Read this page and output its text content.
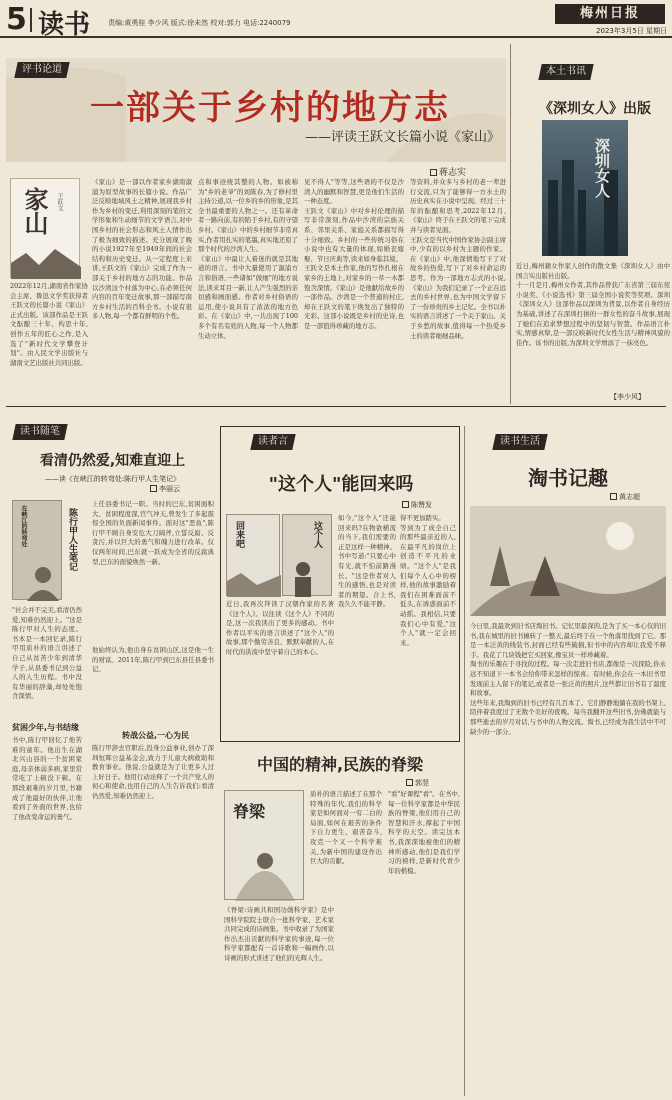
5 读书	责编:黄勇桂 李少风 版式:徐未然 校对:郭力 电话:2240079
梅州日报
2023年3月5日 星期日
评书论道
一部关于乡村的地方志
——评读王跃文长篇小说《家山》
蒋志实
家山	王跃文
2022年12月,湖南省作家协会主席、鲁迅文学奖获得者王跃文的长篇小说《家山》正式出版。该部作品是王跃文酝酿三十年、构思十年,创作五年的匠心之作,是入选了"新时代文学攀登计划"。由人民文学出版社与湖南文艺出版社共同出版。
《家山》是一部以作者家乡湖南溆浦为原型故事的长篇小说。作品广泛反映地域风土之精神,展现我乡村作为乡村的变迁,利用深刻的笔的文学形象和生动细节的文学语言,对中国乡村的社会形态和风土人情作出了极为细致的描述。充分展现了晚的小说1927年至1949年间的社会结构和历史变迁。从一定程度上来讲,王跃文的《家山》完成了作为一部关于乡村的地方志的功能。作品以沙湾这个村落为中心,在必须任何内容的百年变迁故事,那一部描写南方乡村生活的百科全书。小说有很多人物,每一个都有鲜明的个性。
点和事迹统其整的人物。如被称为"乡的老爷"的刘陈春,为了修村里主持公道,以一位乡的乡的形象,是其全书最重要的人物之一。还有革命者一路向前,有的陷于乡村,有的守望乡村。《家山》中的乡村细节非常真实,作者用扎实的笔墨,真实地还原了那个时代的沙湾人生。
《家山》中最让人着迷的就是其地道的语言。书中大量使用了溆浦方言和俗语,一些诸如"做细"的地方说法,读来耳目一新,让人产生强烈的亲切感和画面感。作者对乡村俗语的运用,使小说具有了浓浓的地方色彩。在《家山》中,一共出现了100多个有名有姓的人物,每一个人物都生动立体。
见不得人"等等,这些语的不仅是沙湾人的幽默和智慧,更是他们生活的一种态度。
王跃文《家山》中对乡村伦理的描写非常深刻,作品中沙湾的宗族关系、邻里关系、家庭关系都描写得十分细致。乡村的一些传统习俗在小说中也有大量的体现,如婚丧嫁娶、节日庆典等,读来如身临其境。
王跃文是本土作家,他的写作扎根在家乡的土地上,对家乡的一草一木都饱含深情。《家山》是他献给故乡的一部作品。沙湾是一个普通的村庄,却在王跃文的笔下焕发出了独特的光彩。这部小说既是乡村的史诗,也是一部值得珍藏的地方志。
等资料,并众多与乡村的老一辈进行交流,只为了能够得一方水土的历史真实在小说中呈现。经过三十年的酝酿和思考,2022年12月,《家山》终于在王跃文的笔下完成并与读者见面。
王跃文是当代中国作家协会副主席中,少有的以乡村为主题的作家。在《家山》中,他深情地写下了对故乡的热爱,写下了对乡村命运的思考。作为一部地方志式的小说,《家山》为我们记录了一个正在远去的乡村世界,也为中国文学留下了一份珍贵的乡土记忆。全书以朴实的语言讲述了一个关于家山、关于乡愁的故事,值得每一个热爱乡土的读者细细品味。
本土书讯
《深圳女人》出版
深圳女人
近日,梅州籍女作家人创作的散文集《深圳女人》由中国言实出版社出版。
十一月是月,梅州女作者,其作品曾获广东省第三届东莞小说奖、《小说选刊》第三届全国小说奖等奖项。深圳《深圳女人》这部作品以深圳为背景,以作者自身经历为基础,讲述了在深圳打拼的一群女性的奋斗故事,展现了她们在追求梦想过程中的坚韧与智慧。作品语言朴实,情感真挚,是一部反映新时代女性生活与精神风貌的佳作。该书的出版,为深圳文学增添了一抹亮色。
【李少风】
读书随笔
看清仍然爱,知难直迎上
——读《在峡江的转弯处:陈行甲人生笔记》
李丽云
在峡江的转弯处	陈行甲人生笔记
上任县委书记一职。当时的巴东,贫困面积大、贫困程度深,官气冲天,曾发生了多起震惊全国的负面新闻事件。面对这"恶鱼",陈行甲不顾自身安危大刀阔斧,立誓反腐、反贪污,并以巨大的勇气和魄力进行改革。仅仅两年时间,巴东就一跃成为全省的反腐典型,巴东的面貌焕然一新。
"社会并不完美,看清仍然爱,知难仍然迎上。"这是陈行甲对人生的态度。书本是一本回忆录,陈行甲用质朴的语言讲述了自己从贫苦少年到清华学子,从县委书记到公益人的人生历程。书中没有华丽的辞藻,却处处饱含深情。
贫困少年,与书结缘
书中,陈行甲回忆了他苦难的童年。他出生在湖北兴山县的一个贫困家庭,母亲体弱多病,家里常常吃了上顿没下顿。在那段艰难的岁月里,书籍成了他最好的伙伴,让他看到了外面的世界,也给了他改变命运的勇气。
他始终认为,他出身在贫困山区,这是他一生的财富。2011年,陈行甲到巴东县任县委书记。
转战公益,一心为民
陈行甲辞去官职后,投身公益事业,创办了深圳恒晖公益基金会,致力于儿童大病救助和教育事业。他说,公益就是为了让更多人过上好日子。他用行动诠释了一个共产党人的初心和使命,也用自己的人生告诉我们:看清仍然爱,知难仍然迎上。
读者言
"这个人"能回来吗
陈赞发
回来吧	这个人
近日,我再次拜读了汉朝作家的名著《这个人》。以往读《这个人》不同的是,这一次我读出了更多的感动。书中作者以平实的语言讲述了"这个人"的故事,那个勤劳善良、默默奉献的人,在时代的洪流中坚守着自己的本心。
如今,"这个人"还能回来吗?在物欲横流的当下,我们需要的正是这样一种精神。书中写道:"只要心中有光,就不怕前路漫长。"这是作者对人生的感悟,也是对读者的期望。合上书,我久久不能平静。
得不更加踏实。
等到为了成全自己的那些最亲近的人,在最平凡的岗位上创造不平凡的业绩。"这个人"是我们每个人心中的榜样,他的故事激励着我们在困难面前不低头,在诱惑面前不动摇。我相信,只要我们心中有爱,"这个人"就一定会回来。
中国的精神,民族的脊梁
郭竖
脊梁
《脊梁:诗画共和国功勋科学家》是中国科学院院士联合一批科学家、艺术家共同完成的诗画集。书中收录了为国家作出杰出贡献的科学家的事迹,每一位科学家都配有一首诗歌和一幅画作,以诗画的形式讲述了他们的光辉人生。
质朴的语言描述了在那个特殊的年代,我们的科学家是如何面对一穷二白的局面,如何在艰苦的条件下自力更生、艰苦奋斗,攻克一个又一个科学难关,为新中国的建设作出巨大的贡献。
"看"好课程"看"。在书中,每一位科学家都是中华民族的脊梁,他们用自己的智慧和汗水,撑起了中国科学的天空。读完这本书,我深深地被他们的精神所感动,他们是我们学习的榜样,是新时代青少年的楷模。
读书生活
淘书记趣
黄志超
今日里,我最欢到旧书店淘旧书。记忆里最深的,是为了买一本心仪的旧书,我在城里的旧书摊转了一整天,最后终于在一个角落里找到了它。那是一本泛黄的线装书,封面已经有些破损,但书中的内容却让我爱不释手。我花了几块钱把它买回家,像宝贝一样珍藏着。
淘书的乐趣在于寻找的过程。每一次走进旧书店,都像是一次探险,你永远不知道下一本书会给你带来怎样的惊喜。有时候,你会在一本旧书里发现前主人留下的笔记,或者是一张泛黄的照片,这些都让旧书有了温度和故事。
这些年来,我淘到的旧书已经有几百本了。它们静静地躺在我的书架上,陪伴着我度过了无数个美好的夜晚。每当我翻开这些旧书,仿佛就能与那些逝去的岁月对话,与书中的人物交流。淘书,已经成为我生活中不可缺少的一部分。
